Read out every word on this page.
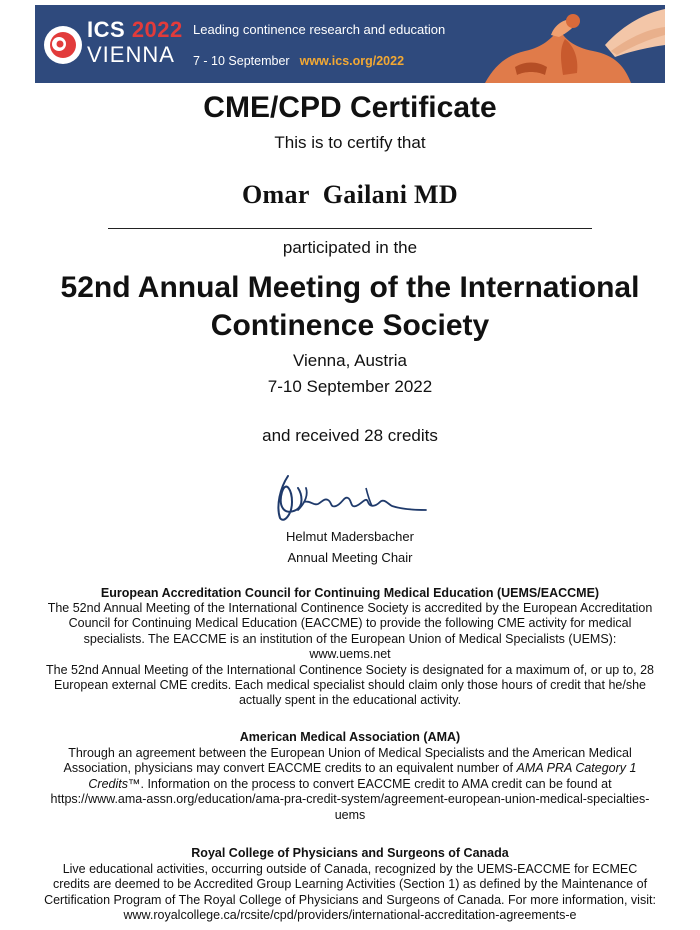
ICS 2022
VIENNA
Leading continence research and education
7 - 10 September www.ics.org/2022
CME/CPD Certificate
This is to certify that
Omar  Gailani MD
participated in the
52nd Annual Meeting of the International
Continence Society
Vienna, Austria
7-10 September 2022
and received 28 credits
Helmut Madersbacher
Annual Meeting Chair
European Accreditation Council for Continuing Medical Education (UEMS/EACCME)
The 52nd Annual Meeting of the International Continence Society is accredited by the European Accreditation
Council for Continuing Medical Education (EACCME) to provide the following CME activity for medical
specialists. The EACCME is an institution of the European Union of Medical Specialists (UEMS):
www.uems.net
The 52nd Annual Meeting of the International Continence Society is designated for a maximum of, or up to, 28
European external CME credits. Each medical specialist should claim only those hours of credit that he/she
actually spent in the educational activity.
American Medical Association (AMA)
Through an agreement between the European Union of Medical Specialists and the American Medical
Association, physicians may convert EACCME credits to an equivalent number of AMA PRA Category 1
Credits™. Information on the process to convert EACCME credit to AMA credit can be found at
https://www.ama-assn.org/education/ama-pra-credit-system/agreement-european-union-medical-specialties-
uems
Royal College of Physicians and Surgeons of Canada
Live educational activities, occurring outside of Canada, recognized by the UEMS-EACCME for ECMEC
credits are deemed to be Accredited Group Learning Activities (Section 1) as defined by the Maintenance of
Certification Program of The Royal College of Physicians and Surgeons of Canada. For more information, visit:
www.royalcollege.ca/rcsite/cpd/providers/international-accreditation-agreements-e
